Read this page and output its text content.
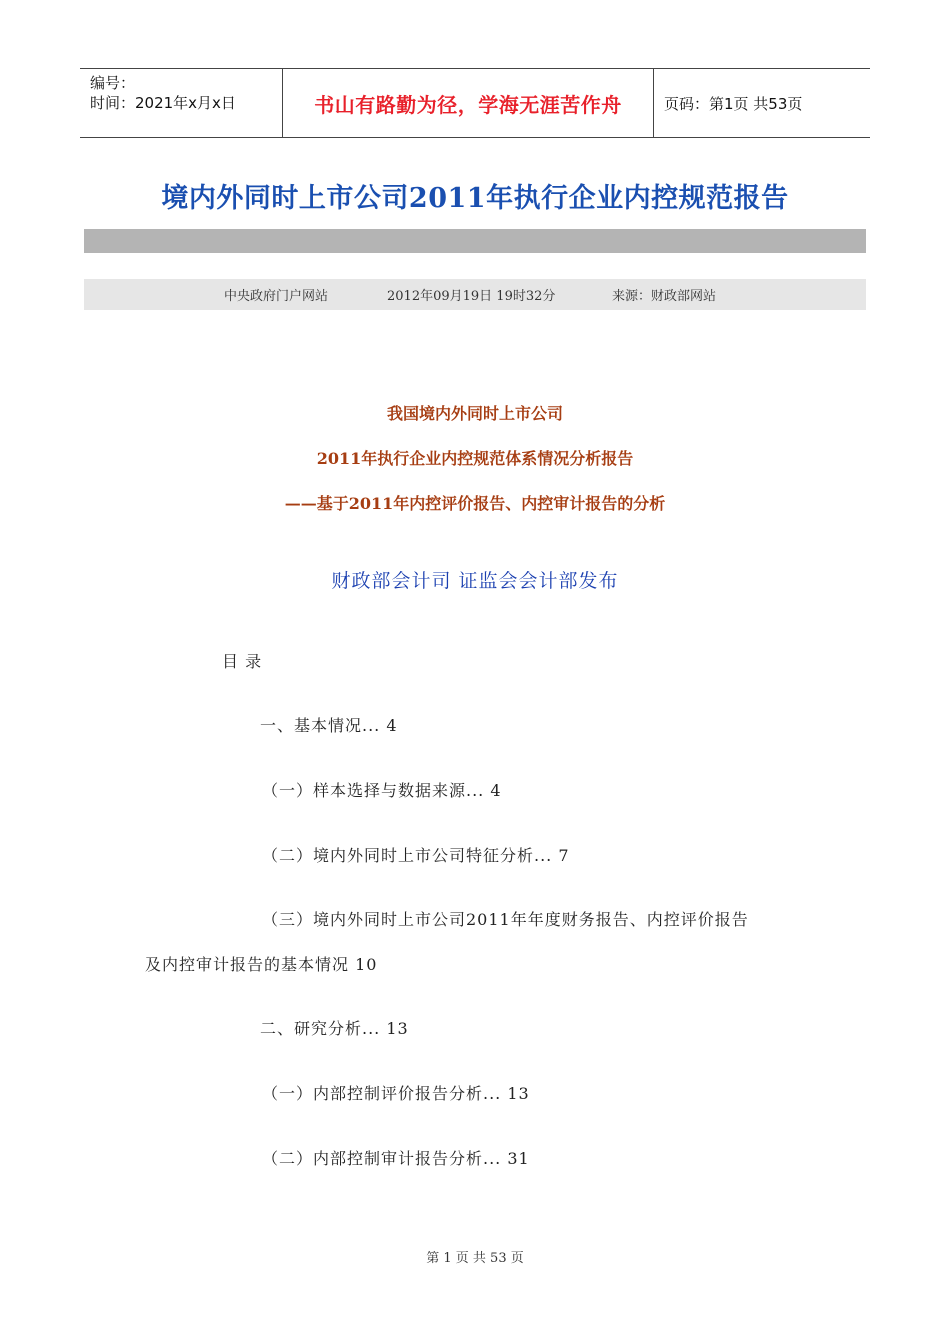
编号：
时间：2021年x月x日	书山有路勤为径，学海无涯苦作舟	页码：第1页 共53页
境内外同时上市公司2011年执行企业内控规范报告
中央政府门户网站	2012年09月19日 19时32分	来源：财政部网站
我国境内外同时上市公司
2011年执行企业内控规范体系情况分析报告
——基于2011年内控评价报告、内控审计报告的分析
财政部会计司 证监会会计部发布
目 录
一、基本情况... 4
（一）样本选择与数据来源... 4
（二）境内外同时上市公司特征分析... 7
（三）境内外同时上市公司2011年年度财务报告、内控评价报告
及内控审计报告的基本情况 10
二、研究分析... 13
（一）内部控制评价报告分析... 13
（二）内部控制审计报告分析... 31
第 1 页 共 53 页
